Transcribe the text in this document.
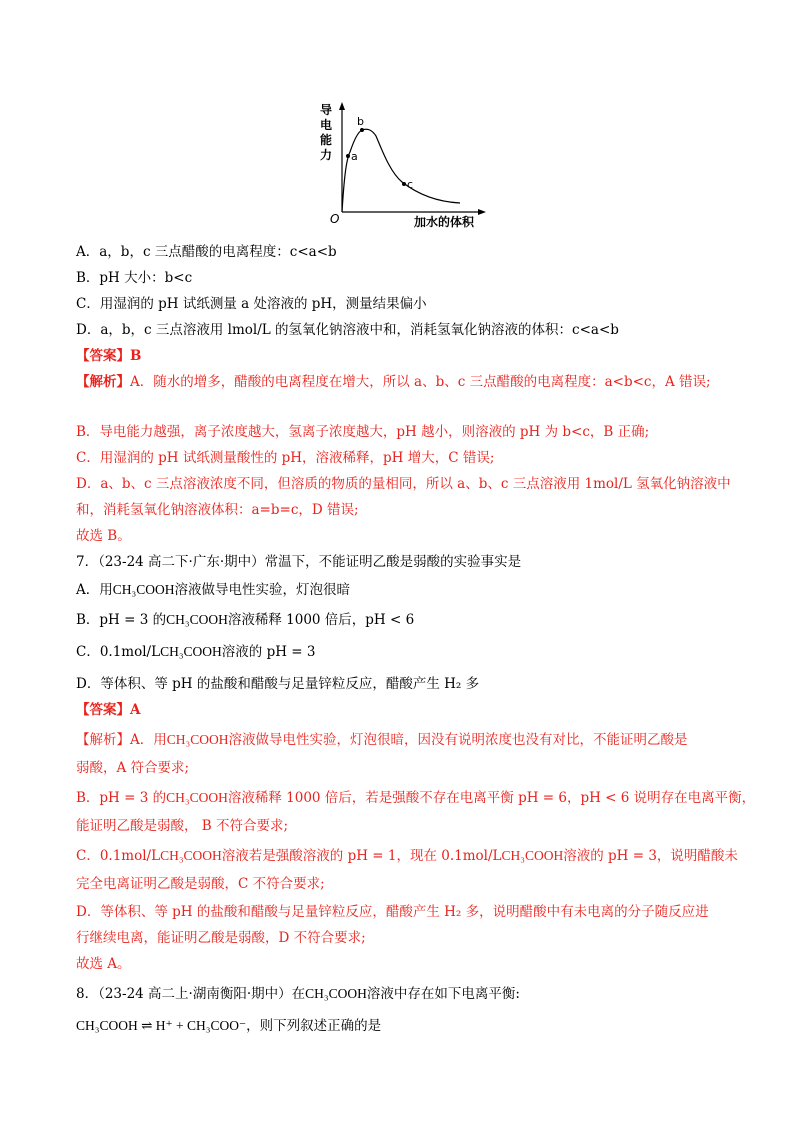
a
b
c
导
电
能
力
O	加水的体积
A．a，b，c 三点醋酸的电离程度：c<a<b
B．pH 大小：b<c
C．用湿润的 pH 试纸测量 a 处溶液的 pH，测量结果偏小
D．a，b，c 三点溶液用 lmol/L 的氢氧化钠溶液中和，消耗氢氧化钠溶液的体积：c<a<b
【答案】B
【解析】A．随水的增多，醋酸的电离程度在增大，所以 a、b、c 三点醋酸的电离程度：a<b<c，A 错误;
B．导电能力越强，离子浓度越大，氢离子浓度越大，pH 越小，则溶液的 pH 为 b<c，B 正确;
C．用湿润的 pH 试纸测量酸性的 pH，溶液稀释，pH 增大，C 错误;
D．a、b、c 三点溶液浓度不同，但溶质的物质的量相同，所以 a、b、c 三点溶液用 1mol/L 氢氧化钠溶液中
和，消耗氢氧化钠溶液体积：a=b=c，D 错误;
故选 B。
7．（23-24 高二下·广东·期中）常温下，不能证明乙酸是弱酸的实验事实是
A．用CH₃COOH溶液做导电性实验，灯泡很暗
B．pH = 3 的CH₃COOH溶液稀释 1000 倍后，pH < 6
C．0.1mol/LCH₃COOH溶液的 pH = 3
D．等体积、等 pH 的盐酸和醋酸与足量锌粒反应，醋酸产生 H₂ 多
【答案】A
【解析】A．用CH₃COOH溶液做导电性实验，灯泡很暗，因没有说明浓度也没有对比，不能证明乙酸是
弱酸，A 符合要求;
B．pH = 3 的CH₃COOH溶液稀释 1000 倍后，若是强酸不存在电离平衡 pH = 6，pH < 6 说明存在电离平衡，
能证明乙酸是弱酸， B 不符合要求;
C．0.1mol/LCH₃COOH溶液若是强酸溶液的 pH = 1，现在 0.1mol/LCH₃COOH溶液的 pH = 3，说明醋酸未
完全电离证明乙酸是弱酸，C 不符合要求;
D．等体积、等 pH 的盐酸和醋酸与足量锌粒反应，醋酸产生 H₂ 多，说明醋酸中有未电离的分子随反应进
行继续电离，能证明乙酸是弱酸，D 不符合要求;
故选 A。
8．（23-24 高二上·湖南衡阳·期中）在CH₃COOH溶液中存在如下电离平衡:
CH₃COOH ⇌ H⁺ + CH₃COO⁻，则下列叙述正确的是
